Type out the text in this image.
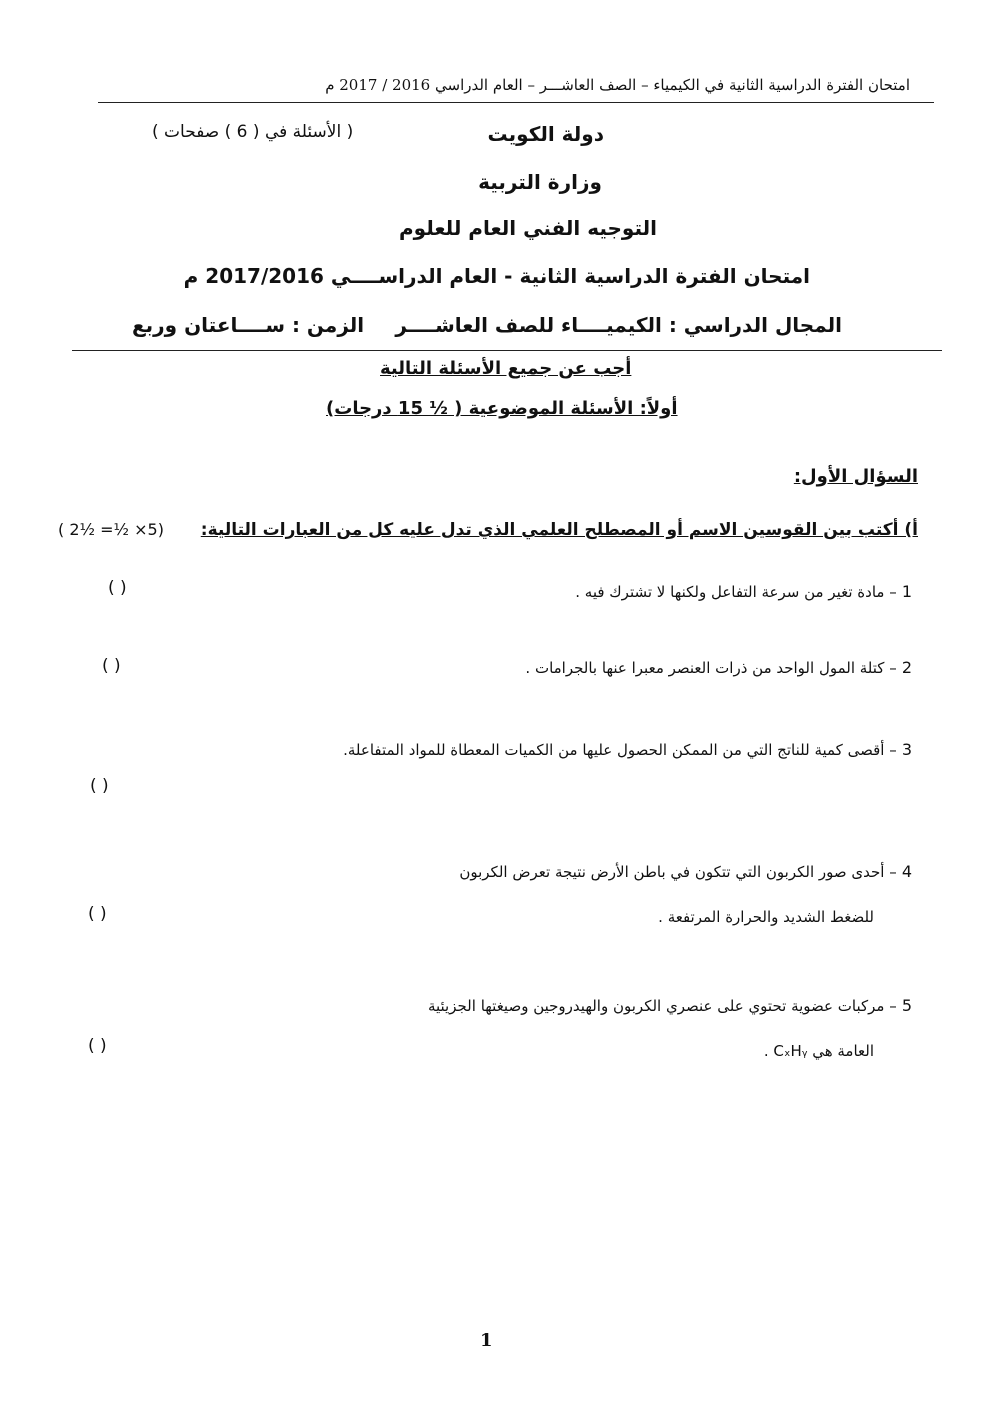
امتحان الفترة الدراسية الثانية في الكيمياء – الصف العاشـــر – العام الدراسي 2016 / 2017 م
دولة الكويت
( الأسئلة في ( 6 ) صفحات )
وزارة التربية
التوجيه الفني العام للعلوم
امتحان الفترة الدراسية الثانية - العام الدراســــي 2017/2016 م
المجال الدراسي : الكيميــــاء للصف العاشــــر
الزمن : ســــاعتان وربع
أجب عن جميع الأسئلة التالية
أولاً: الأسئلة الموضوعية ( ½ 15 درجات)
السؤال الأول:
أ) أكتب بين القوسين الاسم أو المصطلح العلمي الذي تدل عليه كل من العبارات التالية:
( 2½ =½ ×5)
1 – مادة تغير من سرعة التفاعل ولكنها لا تشترك فيه .
( )
2 – كتلة المول الواحد من ذرات العنصر معبرا عنها بالجرامات .
( )
3 – أقصى كمية للناتج التي من الممكن الحصول عليها من الكميات المعطاة للمواد المتفاعلة.
( )
4 – أحدى صور الكربون التي تتكون في باطن الأرض نتيجة تعرض الكربون
للضغط الشديد والحرارة المرتفعة .
( )
5 – مركبات عضوية تحتوي على عنصري الكربون والهيدروجين وصيغتها الجزيئية
العامة هي CₓHᵧ .
( )
1
